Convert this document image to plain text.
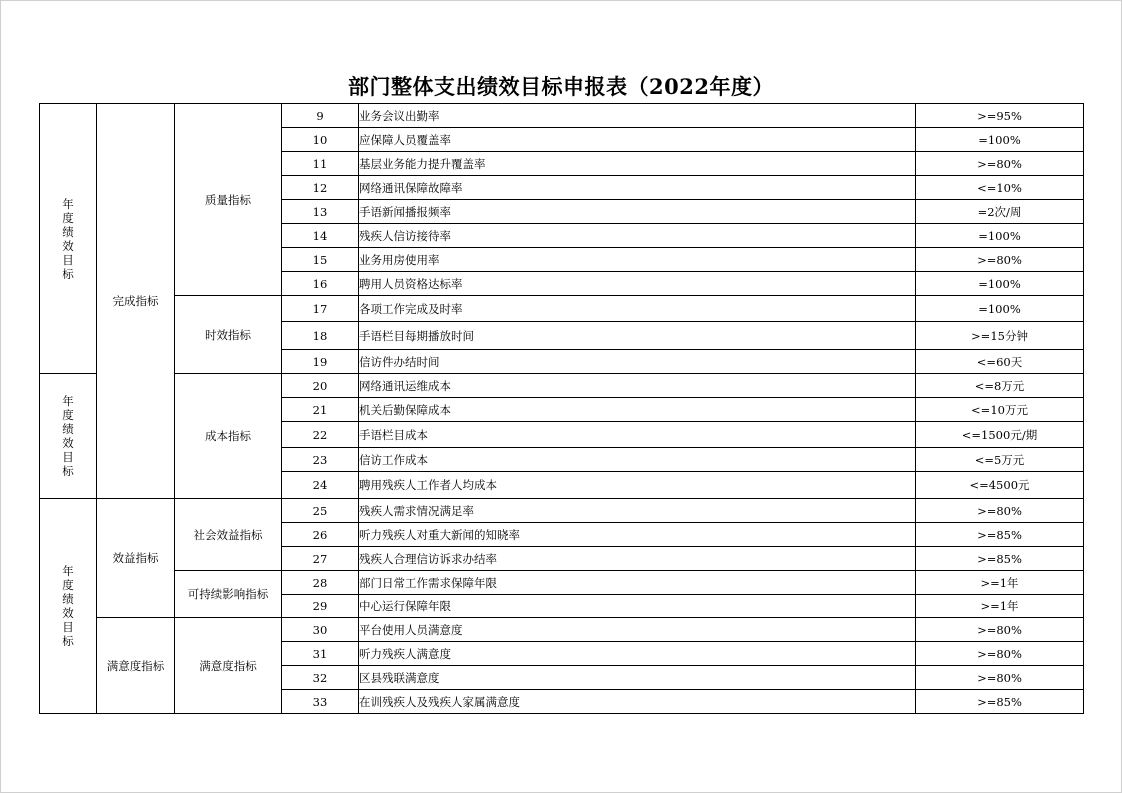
部门整体支出绩效目标申报表（2022年度）
年度绩效目标	完成指标	质量指标	9	业务会议出勤率	>=95%
			10	应保障人员覆盖率	=100%
			11	基层业务能力提升覆盖率	>=80%
			12	网络通讯保障故障率	<=10%
			13	手语新闻播报频率	=2次/周
			14	残疾人信访接待率	=100%
			15	业务用房使用率	>=80%
			16	聘用人员资格达标率	=100%
		时效指标	17	各项工作完成及时率	=100%
			18	手语栏目每期播放时间	>=15分钟
			19	信访件办结时间	<=60天

年度绩效目标		成本指标	20	网络通讯运维成本	<=8万元
			21	机关后勤保障成本	<=10万元
			22	手语栏目成本	<=1500元/期
			23	信访工作成本	<=5万元
			24	聘用残疾人工作者人均成本	<=4500元

年度绩效目标	效益指标	社会效益指标	25	残疾人需求情况满足率	>=80%
			26	听力残疾人对重大新闻的知晓率	>=85%
			27	残疾人合理信访诉求办结率	>=85%
		可持续影响指标	28	部门日常工作需求保障年限	>=1年
			29	中心运行保障年限	>=1年
	满意度指标	满意度指标	30	平台使用人员满意度	>=80%
			31	听力残疾人满意度	>=80%
			32	区县残联满意度	>=80%
			33	在训残疾人及残疾人家属满意度	>=85%
